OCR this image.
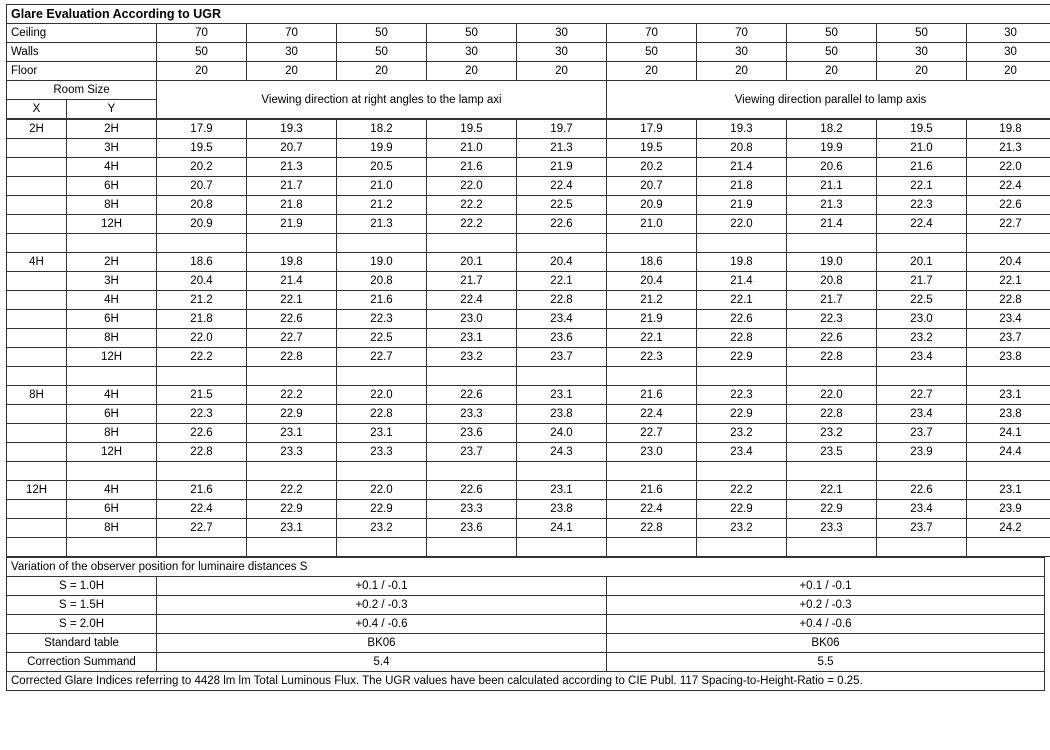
Glare Evaluation According to UGR											
Ceiling		70	70	50	50	30	70	70	50	50	30
Walls		50	30	50	30	30	50	30	50	30	30
Floor		20	20	20	20	20	20	20	20	20	20
Room Size		Viewing direction at right angles to the lamp axi					Viewing direction parallel to lamp axis				
X	Y										
2H	2H	17.9	19.3	18.2	19.5	19.7	17.9	19.3	18.2	19.5	19.8
	3H	19.5	20.7	19.9	21.0	21.3	19.5	20.8	19.9	21.0	21.3
	4H	20.2	21.3	20.5	21.6	21.9	20.2	21.4	20.6	21.6	22.0
	6H	20.7	21.7	21.0	22.0	22.4	20.7	21.8	21.1	22.1	22.4
	8H	20.8	21.8	21.2	22.2	22.5	20.9	21.9	21.3	22.3	22.6
	12H	20.9	21.9	21.3	22.2	22.6	21.0	22.0	21.4	22.4	22.7

4H	2H	18.6	19.8	19.0	20.1	20.4	18.6	19.8	19.0	20.1	20.4
	3H	20.4	21.4	20.8	21.7	22.1	20.4	21.4	20.8	21.7	22.1
	4H	21.2	22.1	21.6	22.4	22.8	21.2	22.1	21.7	22.5	22.8
	6H	21.8	22.6	22.3	23.0	23.4	21.9	22.6	22.3	23.0	23.4
	8H	22.0	22.7	22.5	23.1	23.6	22.1	22.8	22.6	23.2	23.7
	12H	22.2	22.8	22.7	23.2	23.7	22.3	22.9	22.8	23.4	23.8

8H	4H	21.5	22.2	22.0	22.6	23.1	21.6	22.3	22.0	22.7	23.1
	6H	22.3	22.9	22.8	23.3	23.8	22.4	22.9	22.8	23.4	23.8
	8H	22.6	23.1	23.1	23.6	24.0	22.7	23.2	23.2	23.7	24.1
	12H	22.8	23.3	23.3	23.7	24.3	23.0	23.4	23.5	23.9	24.4

12H	4H	21.6	22.2	22.0	22.6	23.1	21.6	22.2	22.1	22.6	23.1
	6H	22.4	22.9	22.9	23.3	23.8	22.4	22.9	22.9	23.4	23.9
	8H	22.7	23.1	23.2	23.6	24.1	22.8	23.2	23.3	23.7	24.2

Variation of the observer position for luminaire distances S		
S = 1.0H	+0.1 / -0.1	+0.1 / -0.1
S = 1.5H	+0.2 / -0.3	+0.2 / -0.3
S = 2.0H	+0.4 / -0.6	+0.4 / -0.6
Standard table	BK06	BK06
Correction Summand	5.4	5.5
Corrected Glare Indices referring to 4428 lm lm Total Luminous Flux. The UGR values have been calculated according to CIE Publ. 117 Spacing-to-Height-Ratio = 0.25.		
